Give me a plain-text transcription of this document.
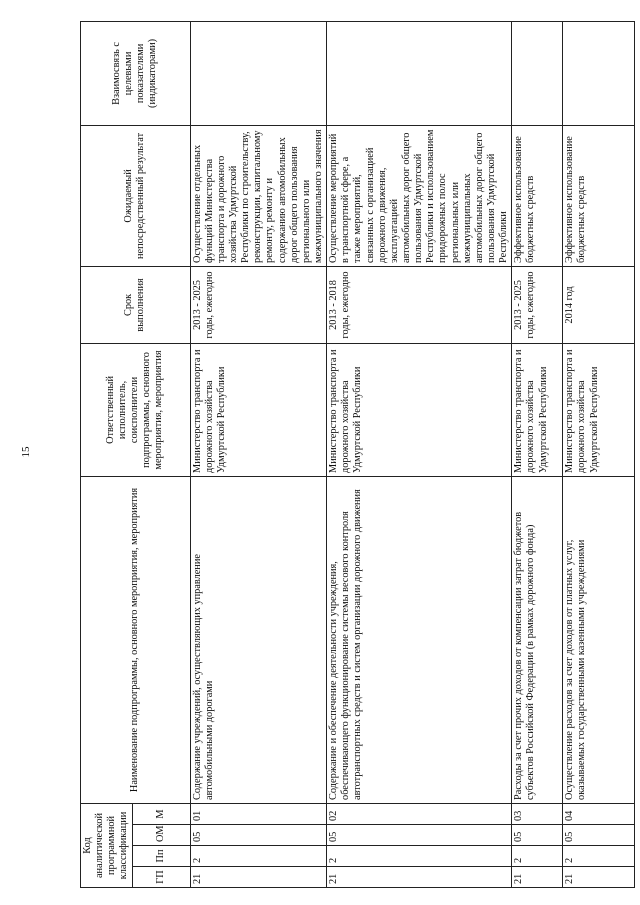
15
Код аналитической программной классификации				Наименование подпрограммы, основного мероприятия, мероприятия	Ответственный исполнитель, соисполнители подпрограммы, основного мероприятия, мероприятия	Срок выполнения	Ожидаемый непосредственный результат	Взаимосвязь с целевыми показателями (индикаторами)
ГП	Пп	ОМ	М					
21	2	05	01	Содержание учреждений, осуществляющих управление автомобильными дорогами	Министерство транспорта и дорожного хозяйства Удмуртской Республики	2013 - 2025 годы, ежегодно	Осуществление отдельных функций Министерства транспорта и дорожного хозяйства Удмуртской Республики по строительству, реконструкции, капитальному ремонту, ремонту и содержанию автомобильных дорог общего пользования регионального или межмуниципального значения	
21	2	05	02	Содержание и обеспечение деятельности учреждения, обеспечивающего функционирование системы весового контроля автотранспортных средств и систем организации дорожного движения	Министерство транспорта и дорожного хозяйства Удмуртской Республики	2013 - 2018 годы, ежегодно	Осуществление мероприятий в транспортной сфере, а также мероприятий, связанных с организацией дорожного движения, эксплуатацией автомобильных дорог общего пользования Удмуртской Республики и использованием придорожных полос региональных или межмуниципальных автомобильных дорог общего пользования Удмуртской Республики	
21	2	05	03	Расходы за счет прочих доходов от компенсации затрат бюджетов субъектов Российской Федерации (в рамках дорожного фонда)	Министерство транспорта и дорожного хозяйства Удмуртской Республики	2013 - 2025 годы, ежегодно	Эффективное использование бюджетных средств	
21	2	05	04	Осуществление расходов за счет доходов от платных услуг, оказываемых государственными казенными учреждениями	Министерство транспорта и дорожного хозяйства Удмуртской Республики	2014 год	Эффективное использование бюджетных средств	
